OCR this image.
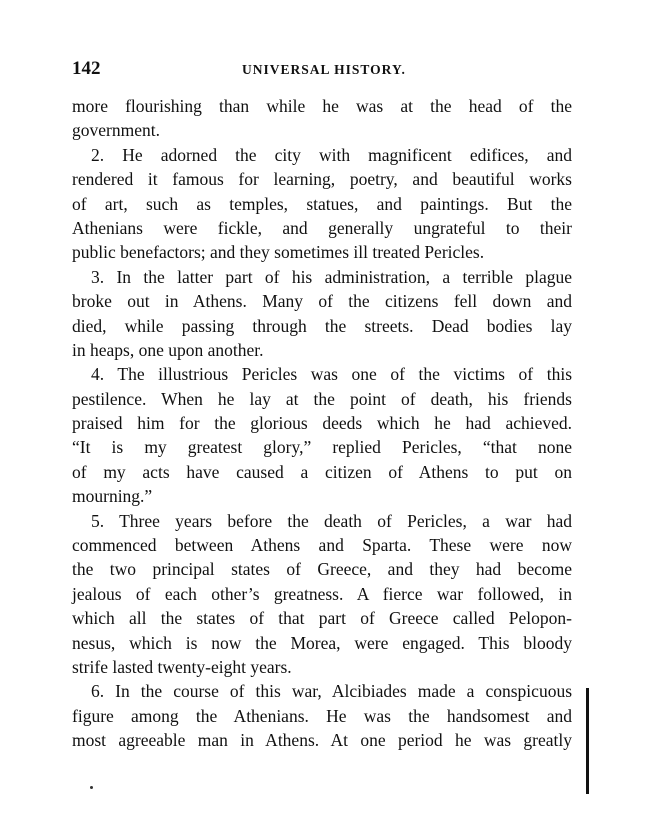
142	UNIVERSAL HISTORY.
more flourishing than while he was at the head of the
government.
2. He adorned the city with magnificent edifices, and
rendered it famous for learning, poetry, and beautiful works
of art, such as temples, statues, and paintings. But the
Athenians were fickle, and generally ungrateful to their
public benefactors; and they sometimes ill treated Pericles.
3. In the latter part of his administration, a terrible plague
broke out in Athens. Many of the citizens fell down and
died, while passing through the streets. Dead bodies lay
in heaps, one upon another.
4. The illustrious Pericles was one of the victims of this
pestilence. When he lay at the point of death, his friends
praised him for the glorious deeds which he had achieved.
“It is my greatest glory,” replied Pericles, “that none
of my acts have caused a citizen of Athens to put on
mourning.”
5. Three years before the death of Pericles, a war had
commenced between Athens and Sparta. These were now
the two principal states of Greece, and they had become
jealous of each other’s greatness. A fierce war followed, in
which all the states of that part of Greece called Pelopon-
nesus, which is now the Morea, were engaged. This bloody
strife lasted twenty-eight years.
6. In the course of this war, Alcibiades made a conspicuous
figure among the Athenians. He was the handsomest and
most agreeable man in Athens. At one period he was greatly
